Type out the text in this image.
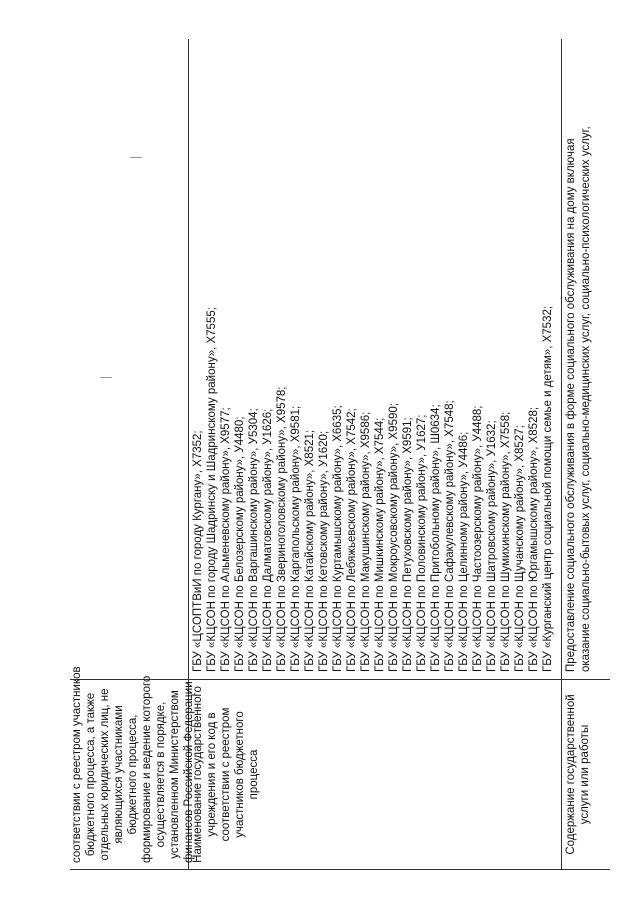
соответствии с реестром участников бюджетного процесса, а также отдельных юридических лиц, не являющихся участниками бюджетного процесса, формирование и ведение которого осуществляется в порядке, установленном Министерством финансов Российской Федерации
Наименование государственного учреждения и его код в соответствии с реестром участников бюджетного процесса
ГБУ «ЦСОПТВиИ по городу Кургану», Х7352; ГБУ «КЦСОН по городу Шадринску и Шадринскому району», Х7555; ГБУ «КЦСОН по Альменевскому району», Х9577; ГБУ «КЦСОН по Белозерскому району», У4480; ГБУ «КЦСОН по Варгашинскому району», У5304; ГБУ «КЦСОН по Далматовскому району», У1626; ГБУ «КЦСОН по Звериноголовскому району», Х9578; ГБУ «КЦСОН по Каргапольскому району», Х9581; ГБУ «КЦСОН по Катайскому району», Х8521; ГБУ «КЦСОН по Кетовскому району», У1620; ГБУ «КЦСОН по Куртамышскому району», Х6635; ГБУ «КЦСОН по Лебяжьевскому району», Х7542; ГБУ «КЦСОН по Макушинскому району», Х9586; ГБУ «КЦСОН по Мишкинскому району», Х7544; ГБУ «КЦСОН по Мокроусовскому району», Х9590; ГБУ «КЦСОН по Петуховскому району», Х9591; ГБУ «КЦСОН по Половинскому району», У1627; ГБУ «КЦСОН по Притобольному району», Ш0634; ГБУ «КЦСОН по Сафакулевскому району», Х7548; ГБУ «КЦСОН по Целинному району», У4486; ГБУ «КЦСОН по Частоозерскому району», У4488; ГБУ «КЦСОН по Шатровскому району», У1632; ГБУ «КЦСОН по Шумихинскому району», Х7558; ГБУ «КЦСОН по Щучанскому району», Х8527; ГБУ «КЦСОН по Юргамышскому району», Х8528; ГБУ «Курганский центр социальной помощи семье и детям», Х7532;
Содержание государственной услуги или работы
Предоставление социального обслуживания в форме социального обслуживания на дому включая оказание социально-бытовых услуг, социально-медицинских услуг, социально-психологических услуг,
